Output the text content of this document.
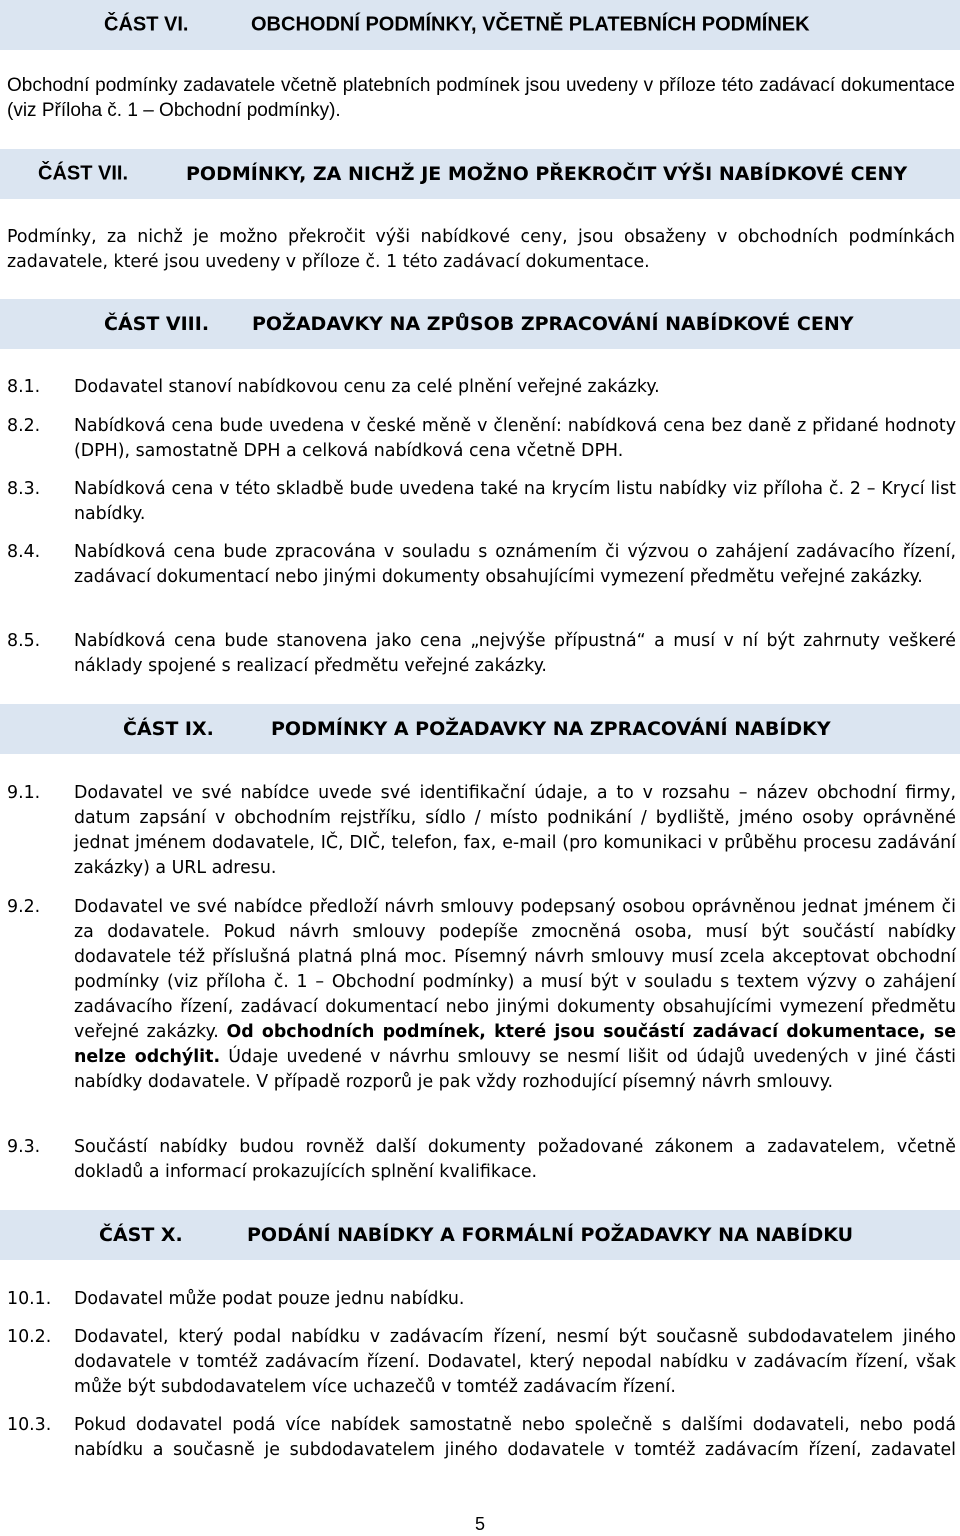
ČÁST VI.	OBCHODNÍ PODMÍNKY, VČETNĚ PLATEBNÍCH PODMÍNEK
Obchodní podmínky zadavatele včetně platebních podmínek jsou uvedeny v příloze této zadávací dokumentace (viz Příloha č. 1 – Obchodní podmínky).
ČÁST VII.	PODMÍNKY, ZA NICHŽ JE MOŽNO PŘEKROČIT VÝŠI NABÍDKOVÉ CENY
Podmínky, za nichž je možno překročit výši nabídkové ceny, jsou obsaženy v obchodních podmínkách zadavatele, které jsou uvedeny v příloze č. 1 této zadávací dokumentace.
ČÁST VIII. POŽADAVKY NA ZPŮSOB ZPRACOVÁNÍ NABÍDKOVÉ CENY
8.1. Dodavatel stanoví nabídkovou cenu za celé plnění veřejné zakázky.
8.2. Nabídková cena bude uvedena v české měně v členění: nabídková cena bez daně z přidané hodnoty (DPH), samostatně DPH a celková nabídková cena včetně DPH.
8.3. Nabídková cena v této skladbě bude uvedena také na krycím listu nabídky viz příloha č. 2 – Krycí list nabídky.
8.4. Nabídková cena bude zpracována v souladu s oznámením či výzvou o zahájení zadávacího řízení, zadávací dokumentací nebo jinými dokumenty obsahujícími vymezení předmětu veřejné zakázky.
8.5. Nabídková cena bude stanovena jako cena „nejvýše přípustná“ a musí v ní být zahrnuty veškeré náklady spojené s realizací předmětu veřejné zakázky.
ČÁST IX.	PODMÍNKY A POŽADAVKY NA ZPRACOVÁNÍ NABÍDKY
9.1. Dodavatel ve své nabídce uvede své identifikační údaje, a to v rozsahu – název obchodní firmy, datum zapsání v obchodním rejstříku, sídlo / místo podnikání / bydliště, jméno osoby oprávněné jednat jménem dodavatele, IČ, DIČ, telefon, fax, e-mail (pro komunikaci v průběhu procesu zadávání zakázky) a URL adresu.
9.2. Dodavatel ve své nabídce předloží návrh smlouvy podepsaný osobou oprávněnou jednat jménem či za dodavatele. Pokud návrh smlouvy podepíše zmocněná osoba, musí být součástí nabídky dodavatele též příslušná platná plná moc. Písemný návrh smlouvy musí zcela akceptovat obchodní podmínky (viz příloha č. 1 – Obchodní podmínky) a musí být v souladu s textem výzvy o zahájení zadávacího řízení, zadávací dokumentací nebo jinými dokumenty obsahujícími vymezení předmětu veřejné zakázky. Od obchodních podmínek, které jsou součástí zadávací dokumentace, se nelze odchýlit. Údaje uvedené v návrhu smlouvy se nesmí lišit od údajů uvedených v jiné části nabídky dodavatele. V případě rozporů je pak vždy rozhodující písemný návrh smlouvy.
9.3. Součástí nabídky budou rovněž další dokumenty požadované zákonem a zadavatelem, včetně dokladů a informací prokazujících splnění kvalifikace.
ČÁST X.	PODÁNÍ NABÍDKY A FORMÁLNÍ POŽADAVKY NA NABÍDKU
10.1. Dodavatel může podat pouze jednu nabídku.
10.2. Dodavatel, který podal nabídku v zadávacím řízení, nesmí být současně subdodavatelem jiného dodavatele v tomtéž zadávacím řízení. Dodavatel, který nepodal nabídku v zadávacím řízení, však může být subdodavatelem více uchazečů v tomtéž zadávacím řízení.
10.3. Pokud dodavatel podá více nabídek samostatně nebo společně s dalšími dodavateli, nebo podá nabídku a současně je subdodavatelem jiného dodavatele v tomtéž zadávacím řízení, zadavatel
5
